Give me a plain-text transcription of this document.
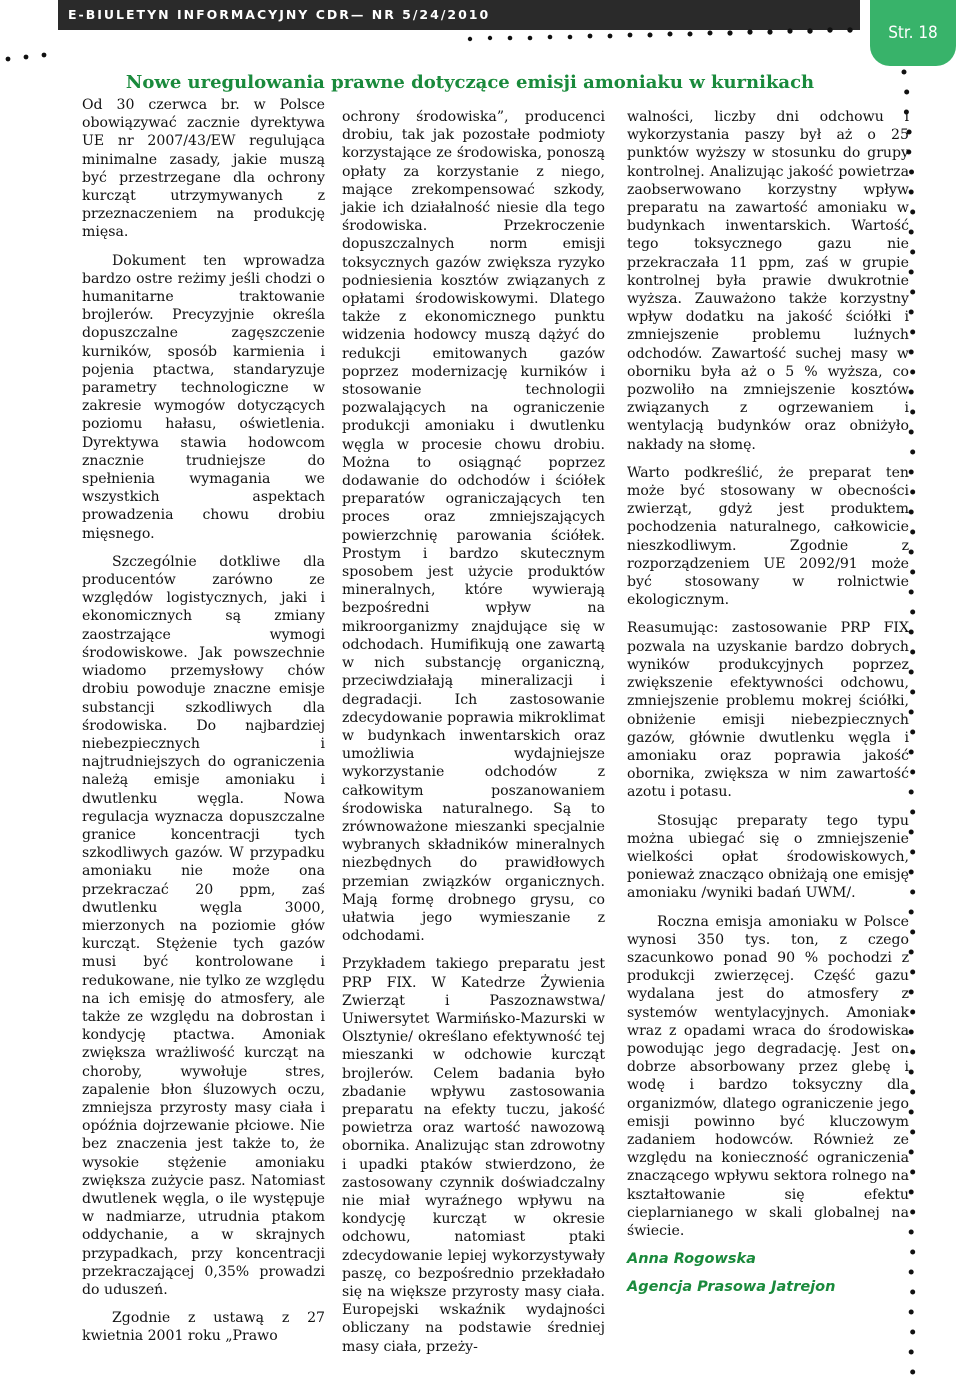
E-BIULETYN INFORMACYJNY CDR— NR 5/24/2010
Str. 18
Nowe uregulowania prawne dotyczące emisji amoniaku w kurnikach

Od 30 czerwca br. w Polsce obowiązywać zacznie dyrektywa UE nr 2007/43/EW regulująca minimalne zasady, jakie muszą być przestrzegane dla ochrony kurcząt utrzymywanych z przeznaczeniem na produkcję mięsa.

Dokument ten wprowadza bardzo ostre reżimy jeśli chodzi o humanitarne traktowanie brojlerów. Precyzyjnie określa dopuszczalne zagęszczenie kurników, sposób karmienia i pojenia ptactwa, standaryzuje parametry technologiczne w zakresie wymogów dotyczących poziomu hałasu, oświetlenia. Dyrektywa stawia hodowcom znacznie trudniejsze do spełnienia wymagania we wszystkich aspektach prowadzenia chowu drobiu mięsnego.

Szczególnie dotkliwe dla producentów zarówno ze względów logistycznych, jaki i ekonomicznych są zmiany zaostrzające wymogi środowiskowe. Jak powszechnie wiadomo przemysłowy chów drobiu powoduje znaczne emisje substancji szkodliwych dla środowiska. Do najbardziej niebezpiecznych i najtrudniejszych do ograniczenia należą emisje amoniaku i dwutlenku węgla. Nowa regulacja wyznacza dopuszczalne granice koncentracji tych szkodliwych gazów. W przypadku amoniaku nie może ona przekraczać 20 ppm, zaś dwutlenku węgla 3000, mierzonych na poziomie głów kurcząt. Stężenie tych gazów musi być kontrolowane i redukowane, nie tylko ze względu na ich emisję do atmosfery, ale także ze względu na dobrostan i kondycję ptactwa. Amoniak zwiększa wrażliwość kurcząt na choroby, wywołuje stres, zapalenie błon śluzowych oczu, zmniejsza przyrosty masy ciała i opóźnia dojrzewanie płciowe. Nie bez znaczenia jest także to, że wysokie stężenie amoniaku zwiększa zużycie pasz. Natomiast dwutlenek węgla, o ile występuje w nadmiarze, utrudnia ptakom oddychanie, a w skrajnych przypadkach, przy koncentracji przekraczającej 0,35% prowadzi do uduszeń.

Zgodnie z ustawą z 27 kwietnia 2001 roku „Prawo

ochrony środowiska”, producenci drobiu, tak jak pozostałe podmioty korzystające ze środowiska, ponoszą opłaty za korzystanie z niego, mające zrekompensować szkody, jakie ich działalność niesie dla tego środowiska. Przekroczenie dopuszczalnych norm emisji toksycznych gazów zwiększa ryzyko podniesienia kosztów związanych z opłatami środowiskowymi. Dlatego także z ekonomicznego punktu widzenia hodowcy muszą dążyć do redukcji emitowanych gazów poprzez modernizację kurników i stosowanie technologii pozwalających na ograniczenie produkcji amoniaku i dwutlenku węgla w procesie chowu drobiu. Można to osiągnąć poprzez dodawanie do odchodów i ściółek preparatów ograniczających ten proces oraz zmniejszających powierzchnię parowania ściółek. Prostym i bardzo skutecznym sposobem jest użycie produktów mineralnych, które wywierają bezpośredni wpływ na mikroorganizmy znajdujące się w odchodach. Humifikują one zawartą w nich substancję organiczną, przeciwdziałają mineralizacji i degradacji. Ich zastosowanie zdecydowanie poprawia mikroklimat w budynkach inwentarskich oraz umożliwia wydajniejsze wykorzystanie odchodów z całkowitym poszanowaniem środowiska naturalnego. Są to zrównoważone mieszanki specjalnie wybranych składników mineralnych niezbędnych do prawidłowych przemian związków organicznych. Mają formę drobnego grysu, co ułatwia jego wymieszanie z odchodami.

Przykładem takiego preparatu jest PRP FIX. W Katedrze Żywienia Zwierząt i Paszoznawstwa/ Uniwersytet Warmińsko-Mazurski w Olsztynie/ określano efektywność tej mieszanki w odchowie kurcząt brojlerów. Celem badania było zbadanie wpływu zastosowania preparatu na efekty tuczu, jakość powietrza oraz wartość nawozową obornika. Analizując stan zdrowotny i upadki ptaków stwierdzono, że zastosowany czynnik doświadczalny nie miał wyraźnego wpływu na kondycję kurcząt w okresie odchowu, natomiast ptaki zdecydowanie lepiej wykorzystywały paszę, co bezpośrednio przekładało się na większe przyrosty masy ciała. Europejski wskaźnik wydajności obliczany na podstawie średniej masy ciała, przeży-

walności, liczby dni odchowu i wykorzystania paszy był aż o 25 punktów wyższy w stosunku do grupy kontrolnej. Analizując jakość powietrza zaobserwowano korzystny wpływ preparatu na zawartość amoniaku w budynkach inwentarskich. Wartość tego toksycznego gazu nie przekraczała 11 ppm, zaś w grupie kontrolnej była prawie dwukrotnie wyższa. Zauważono także korzystny wpływ dodatku na jakość ściółki i zmniejszenie problemu luźnych odchodów. Zawartość suchej masy w oborniku była aż o 5 % wyższa, co pozwoliło na zmniejszenie kosztów związanych z ogrzewaniem i wentylacją budynków oraz obniżyło nakłady na słomę.

Warto podkreślić, że preparat ten może być stosowany w obecności zwierząt, gdyż jest produktem pochodzenia naturalnego, całkowicie nieszkodliwym. Zgodnie z rozporządzeniem UE 2092/91 może być stosowany w rolnictwie ekologicznym.

Reasumując: zastosowanie PRP FIX pozwala na uzyskanie bardzo dobrych wyników produkcyjnych poprzez zwiększenie efektywności odchowu, zmniejszenie problemu mokrej ściółki, obniżenie emisji niebezpiecznych gazów, głównie dwutlenku węgla i amoniaku oraz poprawia jakość obornika, zwiększa w nim zawartość azotu i potasu.

Stosując preparaty tego typu można ubiegać się o zmniejszenie wielkości opłat środowiskowych, ponieważ znacząco obniżają one emisję amoniaku /wyniki badań UWM/.

Roczna emisja amoniaku w Polsce wynosi 350 tys. ton, z czego szacunkowo ponad 90 % pochodzi z produkcji zwierzęcej. Część gazu wydalana jest do atmosfery z systemów wentylacyjnych. Amoniak wraz z opadami wraca do środowiska powodując jego degradację. Jest on dobrze absorbowany przez glebę i wodę i bardzo toksyczny dla organizmów, dlatego ograniczenie jego emisji powinno być kluczowym zadaniem hodowców. Również ze względu na konieczność ograniczenia znaczącego wpływu sektora rolnego na kształtowanie się efektu cieplarnianego w skali globalnej na świecie.

Anna Rogowska

Agencja Prasowa Jatrejon
